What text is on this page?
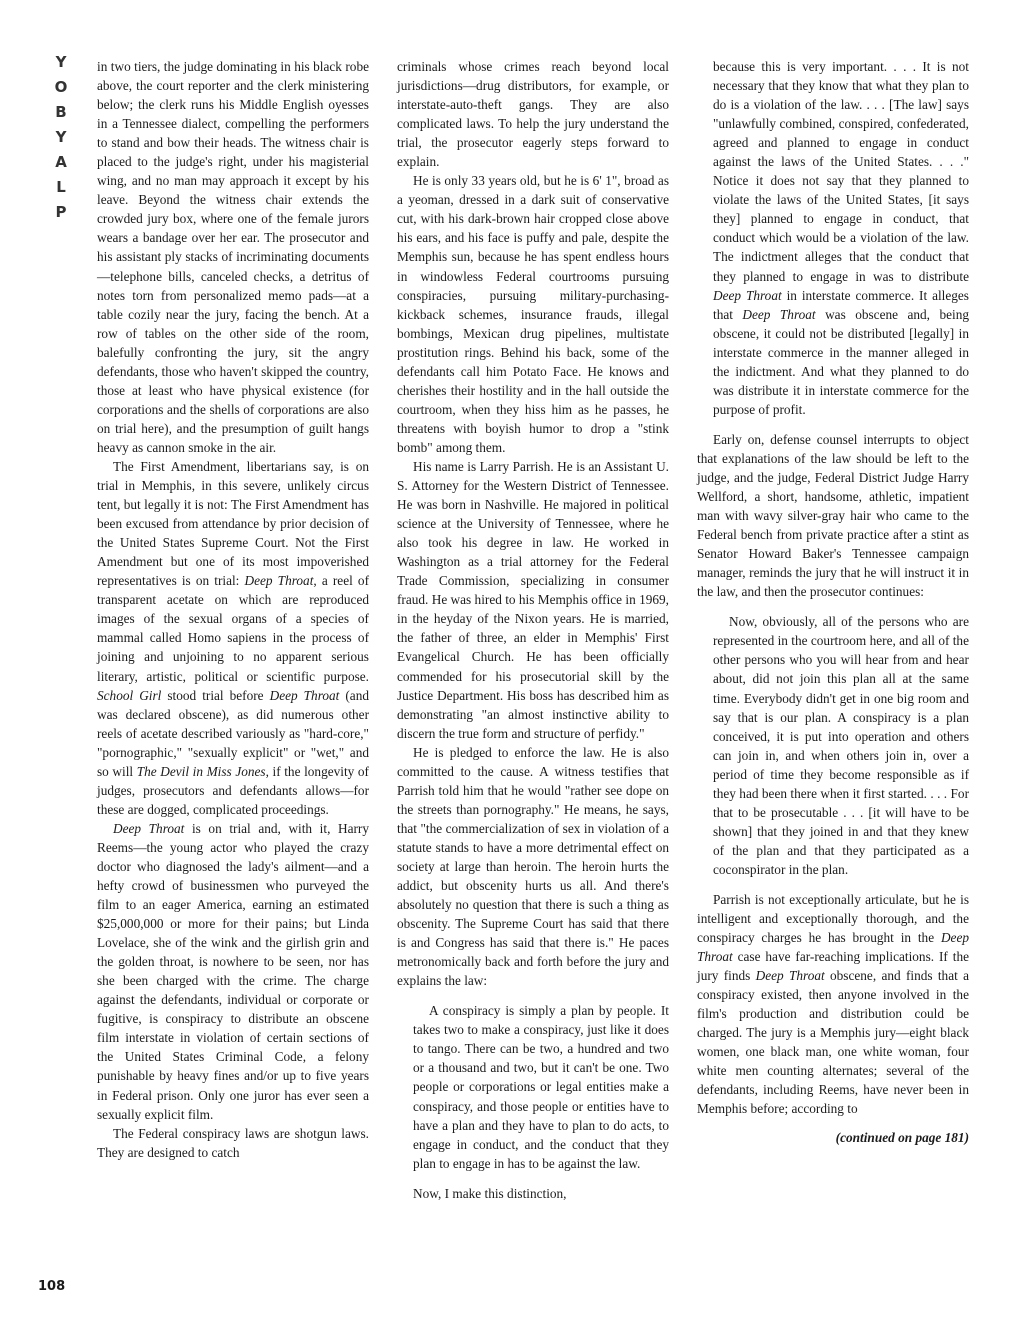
Y
O
B
Y
A
L
P

in two tiers, the judge dominating in his black robe above, the court reporter and the clerk ministering below; the clerk runs his Middle English oyesses in a Tennessee dialect, compelling the performers to stand and bow their heads. The witness chair is placed to the judge's right, under his magisterial wing, and no man may approach it except by his leave. Beyond the witness chair extends the crowded jury box, where one of the female jurors wears a bandage over her ear. The prosecutor and his assistant ply stacks of incriminating documents—telephone bills, canceled checks, a detritus of notes torn from personalized memo pads—at a table cozily near the jury, facing the bench. At a row of tables on the other side of the room, balefully confronting the jury, sit the angry defendants, those who haven't skipped the country, those at least who have physical existence (for corporations and the shells of corporations are also on trial here), and the presumption of guilt hangs heavy as cannon smoke in the air.

The First Amendment, libertarians say, is on trial in Memphis, in this severe, unlikely circus tent, but legally it is not: The First Amendment has been excused from attendance by prior decision of the United States Supreme Court. Not the First Amendment but one of its most impoverished representatives is on trial: Deep Throat, a reel of transparent acetate on which are reproduced images of the sexual organs of a species of mammal called Homo sapiens in the process of joining and unjoining to no apparent serious literary, artistic, political or scientific purpose. School Girl stood trial before Deep Throat (and was declared obscene), as did numerous other reels of acetate described variously as "hard-core," "pornographic," "sexually explicit" or "wet," and so will The Devil in Miss Jones, if the longevity of judges, prosecutors and defendants allows—for these are dogged, complicated proceedings.

Deep Throat is on trial and, with it, Harry Reems—the young actor who played the crazy doctor who diagnosed the lady's ailment—and a hefty crowd of businessmen who purveyed the film to an eager America, earning an estimated $25,000,000 or more for their pains; but Linda Lovelace, she of the wink and the girlish grin and the golden throat, is nowhere to be seen, nor has she been charged with the crime. The charge against the defendants, individual or corporate or fugitive, is conspiracy to distribute an obscene film interstate in violation of certain sections of the United States Criminal Code, a felony punishable by heavy fines and/or up to five years in Federal prison. Only one juror has ever seen a sexually explicit film.

The Federal conspiracy laws are shotgun laws. They are designed to catch

criminals whose crimes reach beyond local jurisdictions—drug distributors, for example, or interstate-auto-theft gangs. They are also complicated laws. To help the jury understand the trial, the prosecutor eagerly steps forward to explain.

He is only 33 years old, but he is 6' 1", broad as a yeoman, dressed in a dark suit of conservative cut, with his dark-brown hair cropped close above his ears, and his face is puffy and pale, despite the Memphis sun, because he has spent endless hours in windowless Federal courtrooms pursuing conspiracies, pursuing military-purchasing-kickback schemes, insurance frauds, illegal bombings, Mexican drug pipelines, multistate prostitution rings. Behind his back, some of the defendants call him Potato Face. He knows and cherishes their hostility and in the hall outside the courtroom, when they hiss him as he passes, he threatens with boyish humor to drop a "stink bomb" among them.

His name is Larry Parrish. He is an Assistant U. S. Attorney for the Western District of Tennessee. He was born in Nashville. He majored in political science at the University of Tennessee, where he also took his degree in law. He worked in Washington as a trial attorney for the Federal Trade Commission, specializing in consumer fraud. He was hired to his Memphis office in 1969, in the heyday of the Nixon years. He is married, the father of three, an elder in Memphis' First Evangelical Church. He has been officially commended for his prosecutorial skill by the Justice Department. His boss has described him as demonstrating "an almost instinctive ability to discern the true form and structure of perfidy."

He is pledged to enforce the law. He is also committed to the cause. A witness testifies that Parrish told him that he would "rather see dope on the streets than pornography." He means, he says, that "the commercialization of sex in violation of a statute stands to have a more detrimental effect on society at large than heroin. The heroin hurts the addict, but obscenity hurts us all. And there's absolutely no question that there is such a thing as obscenity. The Supreme Court has said that there is and Congress has said that there is." He paces metronomically back and forth before the jury and explains the law:

A conspiracy is simply a plan by people. It takes two to make a conspiracy, just like it does to tango. There can be two, a hundred and two or a thousand and two, but it can't be one. Two people or corporations or legal entities make a conspiracy, and those people or entities have to have a plan and they have to plan to do acts, to engage in conduct, and the conduct that they plan to engage in has to be against the law.

Now, I make this distinction,

because this is very important. . . . It is not necessary that they know that what they plan to do is a violation of the law. . . . [The law] says "unlawfully combined, conspired, confederated, agreed and planned to engage in conduct against the laws of the United States. . . ." Notice it does not say that they planned to violate the laws of the United States, [it says they] planned to engage in conduct, that conduct which would be a violation of the law. The indictment alleges that the conduct that they planned to engage in was to distribute Deep Throat in interstate commerce. It alleges that Deep Throat was obscene and, being obscene, it could not be distributed [legally] in interstate commerce in the manner alleged in the indictment. And what they planned to do was distribute it in interstate commerce for the purpose of profit.

Early on, defense counsel interrupts to object that explanations of the law should be left to the judge, and the judge, Federal District Judge Harry Wellford, a short, handsome, athletic, impatient man with wavy silver-gray hair who came to the Federal bench from private practice after a stint as Senator Howard Baker's Tennessee campaign manager, reminds the jury that he will instruct it in the law, and then the prosecutor continues:

Now, obviously, all of the persons who are represented in the courtroom here, and all of the other persons who you will hear from and hear about, did not join this plan all at the same time. Everybody didn't get in one big room and say that is our plan. A conspiracy is a plan conceived, it is put into operation and others can join in, and when others join in, over a period of time they become responsible as if they had been there when it first started. . . . For that to be prosecutable . . . [it will have to be shown] that they joined in and that they knew of the plan and that they participated as a coconspirator in the plan.

Parrish is not exceptionally articulate, but he is intelligent and exceptionally thorough, and the conspiracy charges he has brought in the Deep Throat case have far-reaching implications. If the jury finds Deep Throat obscene, and finds that a conspiracy existed, then anyone involved in the film's production and distribution could be charged. The jury is a Memphis jury—eight black women, one black man, one white woman, four white men counting alternates; several of the defendants, including Reems, have never been in Memphis before; according to

(continued on page 181)

108
